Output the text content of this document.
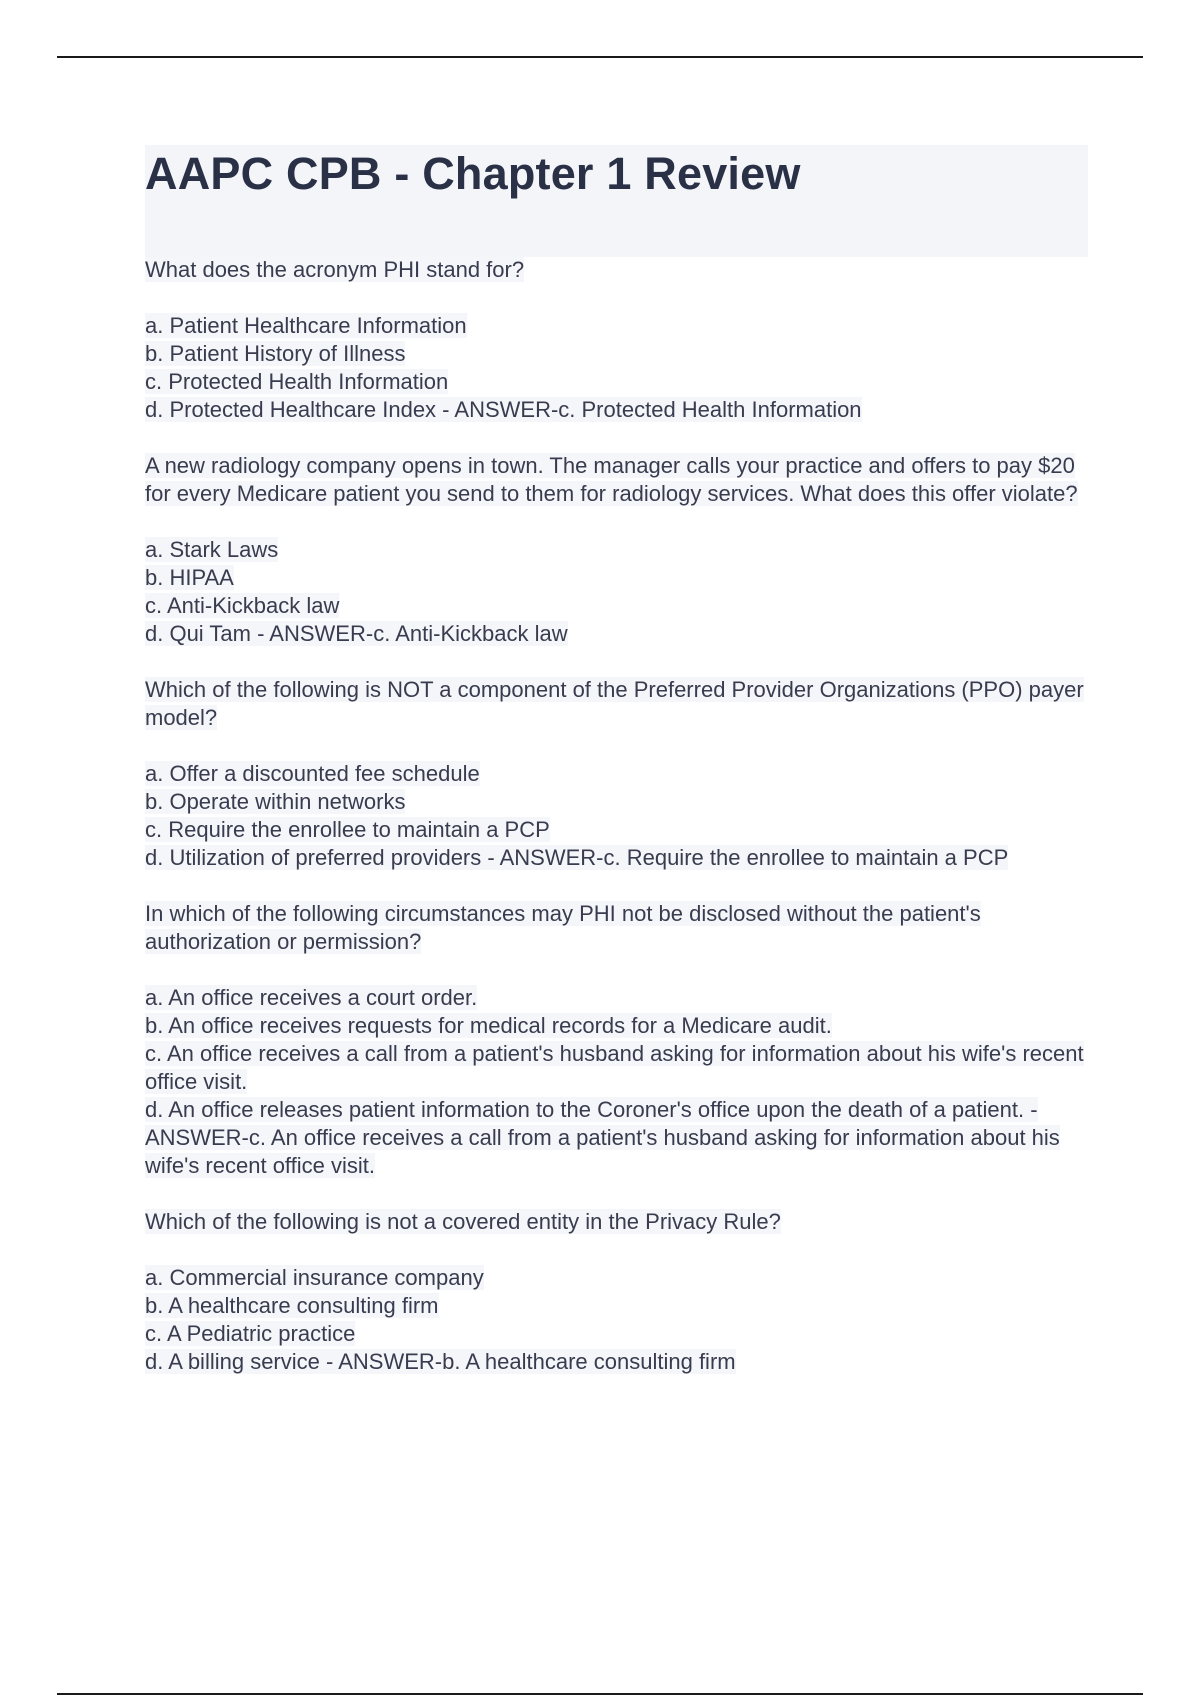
AAPC CPB - Chapter 1 Review

What does the acronym PHI stand for?

a. Patient Healthcare Information

b. Patient History of Illness

c. Protected Health Information

d. Protected Healthcare Index - ANSWER-c. Protected Health Information

A new radiology company opens in town. The manager calls your practice and offers to pay $20 for every Medicare patient you send to them for radiology services. What does this offer violate?

a. Stark Laws

b. HIPAA

c. Anti-Kickback law

d. Qui Tam - ANSWER-c. Anti-Kickback law

Which of the following is NOT a component of the Preferred Provider Organizations (PPO) payer model?

a. Offer a discounted fee schedule

b. Operate within networks

c. Require the enrollee to maintain a PCP

d. Utilization of preferred providers - ANSWER-c. Require the enrollee to maintain a PCP

In which of the following circumstances may PHI not be disclosed without the patient's authorization or permission?

a. An office receives a court order.

b. An office receives requests for medical records for a Medicare audit.

c. An office receives a call from a patient's husband asking for information about his wife's recent office visit.

d. An office releases patient information to the Coroner's office upon the death of a patient. - ANSWER-c. An office receives a call from a patient's husband asking for information about his wife's recent office visit.

Which of the following is not a covered entity in the Privacy Rule?

a. Commercial insurance company

b. A healthcare consulting firm

c. A Pediatric practice

d. A billing service - ANSWER-b. A healthcare consulting firm
